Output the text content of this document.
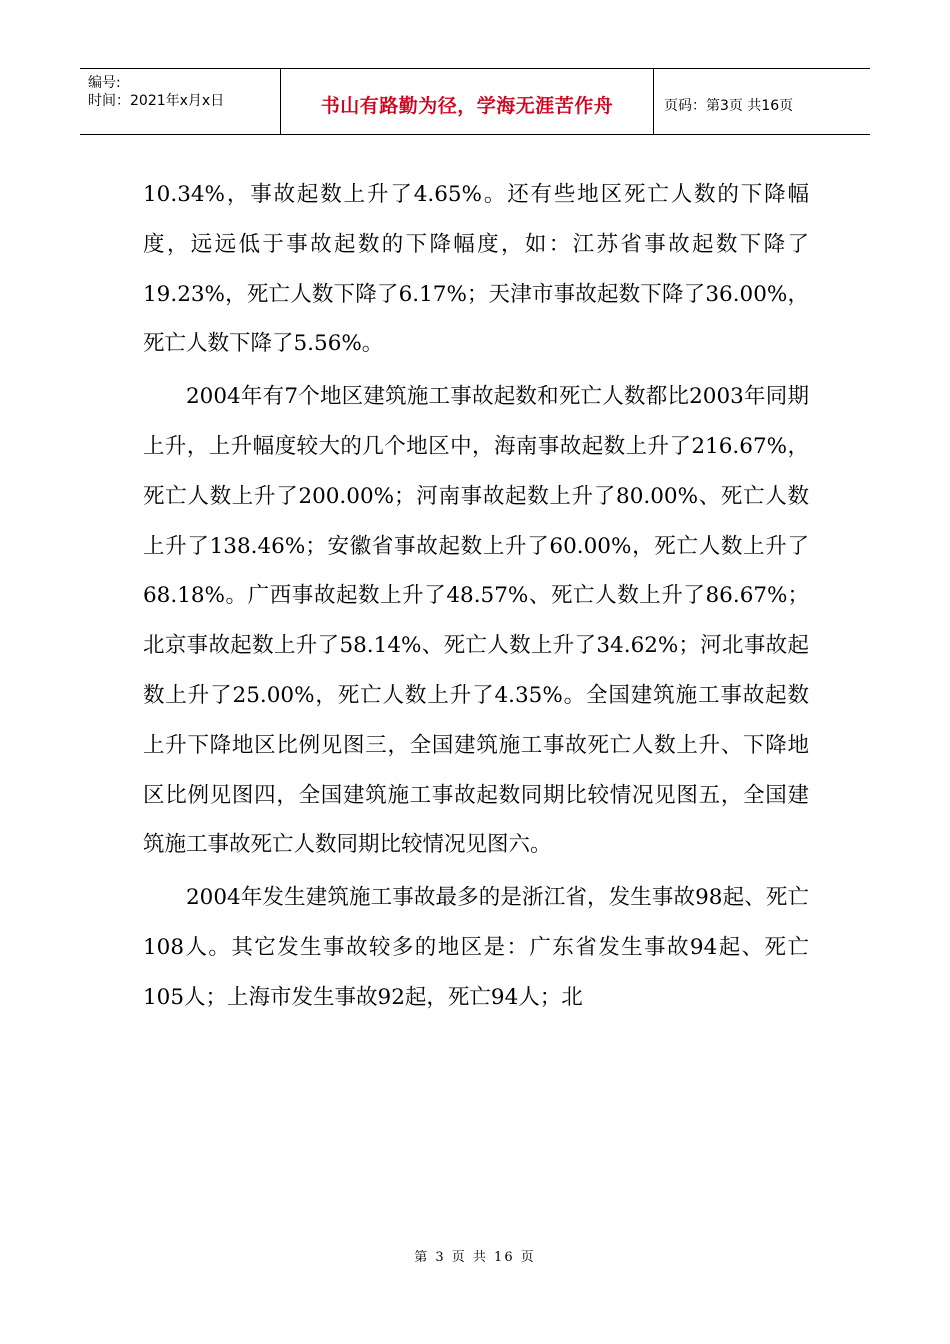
编号:
时间：2021年x月x日	书山有路勤为径，学海无涯苦作舟	页码：第3页 共16页

10.34%，事故起数上升了4.65%。还有些地区死亡人数的下降幅度，远远低于事故起数的下降幅度，如：江苏省事故起数下降了19.23%，死亡人数下降了6.17%；天津市事故起数下降了36.00%，死亡人数下降了5.56%。

2004年有7个地区建筑施工事故起数和死亡人数都比2003年同期上升，上升幅度较大的几个地区中，海南事故起数上升了216.67%，死亡人数上升了200.00%；河南事故起数上升了80.00%、死亡人数上升了138.46%；安徽省事故起数上升了60.00%，死亡人数上升了68.18%。广西事故起数上升了48.57%、死亡人数上升了86.67%；北京事故起数上升了58.14%、死亡人数上升了34.62%；河北事故起数上升了25.00%，死亡人数上升了4.35%。全国建筑施工事故起数上升下降地区比例见图三，全国建筑施工事故死亡人数上升、下降地区比例见图四，全国建筑施工事故起数同期比较情况见图五，全国建筑施工事故死亡人数同期比较情况见图六。

2004年发生建筑施工事故最多的是浙江省，发生事故98起、死亡108人。其它发生事故较多的地区是：广东省发生事故94起、死亡105人；上海市发生事故92起，死亡94人；北

第 3 页 共 16 页
